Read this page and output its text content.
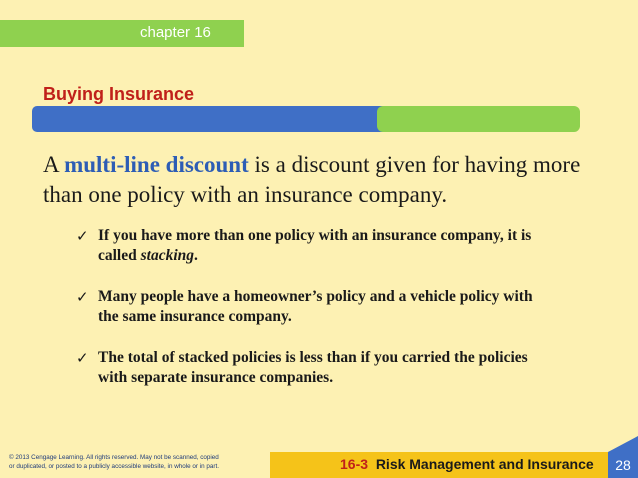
chapter 16
Buying Insurance
A multi-line discount is a discount given for having more than one policy with an insurance company.
✓ If you have more than one policy with an insurance company, it is called stacking.
✓ Many people have a homeowner’s policy and a vehicle policy with the same insurance company.
✓ The total of stacked policies is less than if you carried the policies with separate insurance companies.
© 2013 Cengage Learning. All rights reserved. May not be scanned, copied
or duplicated, or posted to a publicly accessible website, in whole or in part.	16-3 Risk Management and Insurance	28
